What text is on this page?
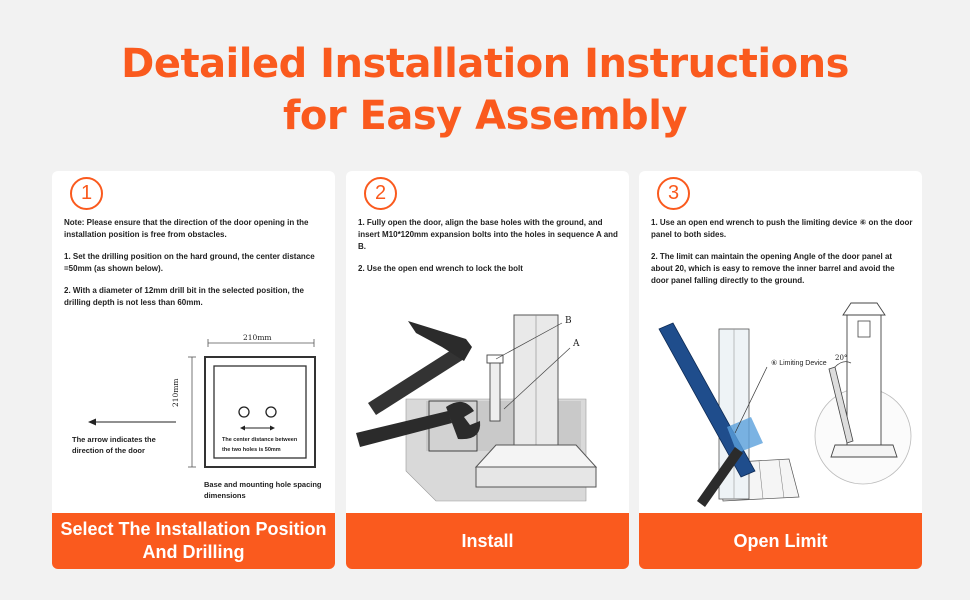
Detailed Installation Instructions
for Easy Assembly
1

Note: Please ensure that the direction of the door opening in the installation position is free from obstacles.

1. Set the drilling position on the hard ground, the center distance =50mm (as shown below).

2. With a diameter of 12mm drill bit in the selected position, the drilling depth is not less than 60mm.

210mm
210mm
The arrow indicates the direction of the door
The center distance between the two holes is 50mm
Base and mounting hole spacing dimensions
Select The Installation Position And Drilling
2

1. Fully open the door, align the base holes with the ground, and insert M10*120mm expansion bolts into the holes in sequence A and B.

2. Use the open end wrench to lock the bolt

B
A
Install
3

1. Use an open end wrench to push the limiting device ⑥ on the door panel to both sides.

2. The limit can maintain the opening Angle of the door panel at about 20, which is easy to remove the inner barrel and avoid the door panel falling directly to the ground.

⑥ Limiting Device
20°
Open Limit
